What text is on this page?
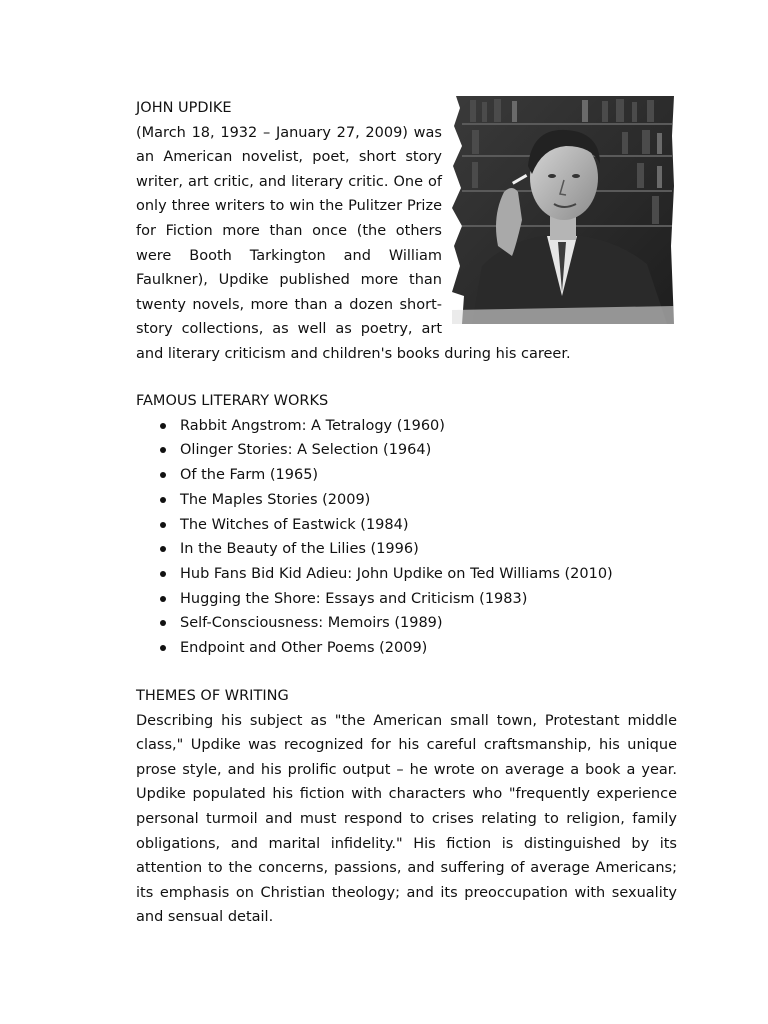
JOHN UPDIKE
(March 18, 1932 – January 27, 2009) was an American novelist, poet, short story writer, art critic, and literary critic. One of only three writers to win the Pulitzer Prize for Fiction more than once (the others were Booth Tarkington and William Faulkner), Updike published more than twenty novels, more than a dozen short-story collections, as well as poetry, art and literary criticism and children's books during his career.
FAMOUS LITERARY WORKS
Rabbit Angstrom: A Tetralogy (1960)
Olinger Stories: A Selection (1964)
Of the Farm (1965)
The Maples Stories (2009)
The Witches of Eastwick (1984)
In the Beauty of the Lilies (1996)
Hub Fans Bid Kid Adieu: John Updike on Ted Williams (2010)
Hugging the Shore: Essays and Criticism (1983)
Self-Consciousness: Memoirs (1989)
Endpoint and Other Poems (2009)
THEMES OF WRITING
Describing his subject as "the American small town, Protestant middle class," Updike was recognized for his careful craftsmanship, his unique prose style, and his prolific output – he wrote on average a book a year. Updike populated his fiction with characters who "frequently experience personal turmoil and must respond to crises relating to religion, family obligations, and marital infidelity." His fiction is distinguished by its attention to the concerns, passions, and suffering of average Americans; its emphasis on Christian theology; and its preoccupation with sexuality and sensual detail.
